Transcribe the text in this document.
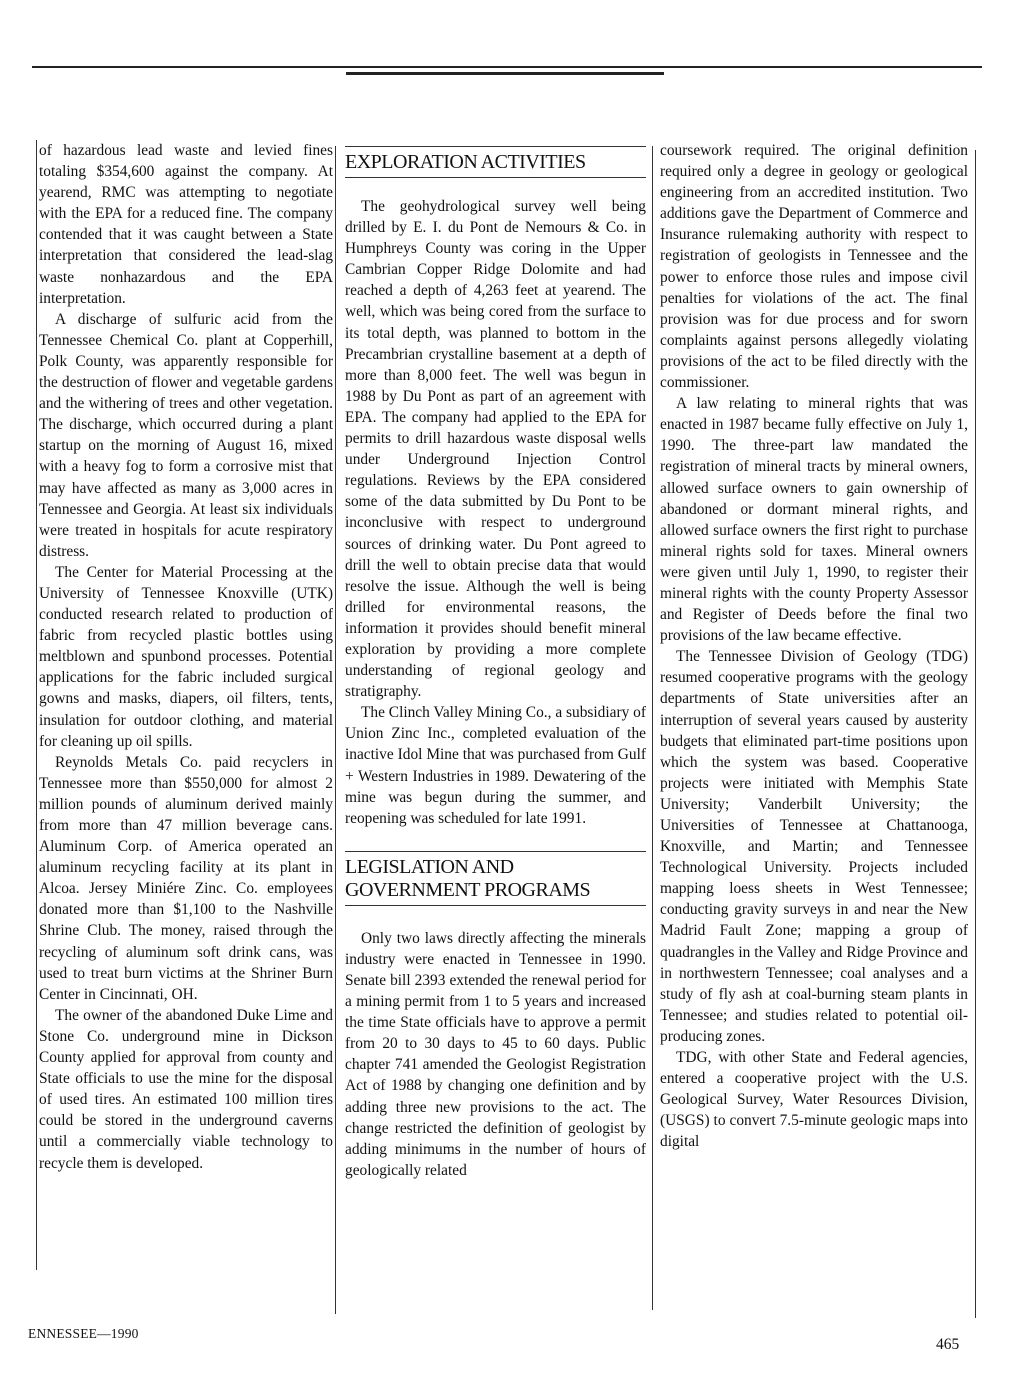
of hazardous lead waste and levied fines totaling $354,600 against the company. At yearend, RMC was attempting to negotiate with the EPA for a reduced fine. The company contended that it was caught between a State interpretation that considered the lead-slag waste nonhazardous and the EPA interpretation.

A discharge of sulfuric acid from the Tennessee Chemical Co. plant at Copperhill, Polk County, was apparently responsible for the destruction of flower and vegetable gardens and the withering of trees and other vegetation. The discharge, which occurred during a plant startup on the morning of August 16, mixed with a heavy fog to form a corrosive mist that may have affected as many as 3,000 acres in Tennessee and Georgia. At least six individuals were treated in hospitals for acute respiratory distress.

The Center for Material Processing at the University of Tennessee Knoxville (UTK) conducted research related to production of fabric from recycled plastic bottles using meltblown and spunbond processes. Potential applications for the fabric included surgical gowns and masks, diapers, oil filters, tents, insulation for outdoor clothing, and material for cleaning up oil spills.

Reynolds Metals Co. paid recyclers in Tennessee more than $550,000 for almost 2 million pounds of aluminum derived mainly from more than 47 million beverage cans. Aluminum Corp. of America operated an aluminum recycling facility at its plant in Alcoa. Jersey Miniére Zinc. Co. employees donated more than $1,100 to the Nashville Shrine Club. The money, raised through the recycling of aluminum soft drink cans, was used to treat burn victims at the Shriner Burn Center in Cincinnati, OH.

The owner of the abandoned Duke Lime and Stone Co. underground mine in Dickson County applied for approval from county and State officials to use the mine for the disposal of used tires. An estimated 100 million tires could be stored in the underground caverns until a commercially viable technology to recycle them is developed.

EXPLORATION ACTIVITIES

The geohydrological survey well being drilled by E. I. du Pont de Nemours & Co. in Humphreys County was coring in the Upper Cambrian Copper Ridge Dolomite and had reached a depth of 4,263 feet at yearend. The well, which was being cored from the surface to its total depth, was planned to bottom in the Precambrian crystalline basement at a depth of more than 8,000 feet. The well was begun in 1988 by Du Pont as part of an agreement with EPA. The company had applied to the EPA for permits to drill hazardous waste disposal wells under Underground Injection Control regulations. Reviews by the EPA considered some of the data submitted by Du Pont to be inconclusive with respect to underground sources of drinking water. Du Pont agreed to drill the well to obtain precise data that would resolve the issue. Although the well is being drilled for environmental reasons, the information it provides should benefit mineral exploration by providing a more complete understanding of regional geology and stratigraphy.

The Clinch Valley Mining Co., a subsidiary of Union Zinc Inc., completed evaluation of the inactive Idol Mine that was purchased from Gulf + Western Industries in 1989. Dewatering of the mine was begun during the summer, and reopening was scheduled for late 1991.

LEGISLATION AND
GOVERNMENT PROGRAMS

Only two laws directly affecting the minerals industry were enacted in Tennessee in 1990. Senate bill 2393 extended the renewal period for a mining permit from 1 to 5 years and increased the time State officials have to approve a permit from 20 to 30 days to 45 to 60 days. Public chapter 741 amended the Geologist Registration Act of 1988 by changing one definition and by adding three new provisions to the act. The change restricted the definition of geologist by adding minimums in the number of hours of geologically related

coursework required. The original definition required only a degree in geology or geological engineering from an accredited institution. Two additions gave the Department of Commerce and Insurance rulemaking authority with respect to registration of geologists in Tennessee and the power to enforce those rules and impose civil penalties for violations of the act. The final provision was for due process and for sworn complaints against persons allegedly violating provisions of the act to be filed directly with the commissioner.

A law relating to mineral rights that was enacted in 1987 became fully effective on July 1, 1990. The three-part law mandated the registration of mineral tracts by mineral owners, allowed surface owners to gain ownership of abandoned or dormant mineral rights, and allowed surface owners the first right to purchase mineral rights sold for taxes. Mineral owners were given until July 1, 1990, to register their mineral rights with the county Property Assessor and Register of Deeds before the final two provisions of the law became effective.

The Tennessee Division of Geology (TDG) resumed cooperative programs with the geology departments of State universities after an interruption of several years caused by austerity budgets that eliminated part-time positions upon which the system was based. Cooperative projects were initiated with Memphis State University; Vanderbilt University; the Universities of Tennessee at Chattanooga, Knoxville, and Martin; and Tennessee Technological University. Projects included mapping loess sheets in West Tennessee; conducting gravity surveys in and near the New Madrid Fault Zone; mapping a group of quadrangles in the Valley and Ridge Province and in northwestern Tennessee; coal analyses and a study of fly ash at coal-burning steam plants in Tennessee; and studies related to potential oil-producing zones.

TDG, with other State and Federal agencies, entered a cooperative project with the U.S. Geological Survey, Water Resources Division, (USGS) to convert 7.5-minute geologic maps into digital

ENNESSEE—1990
465
